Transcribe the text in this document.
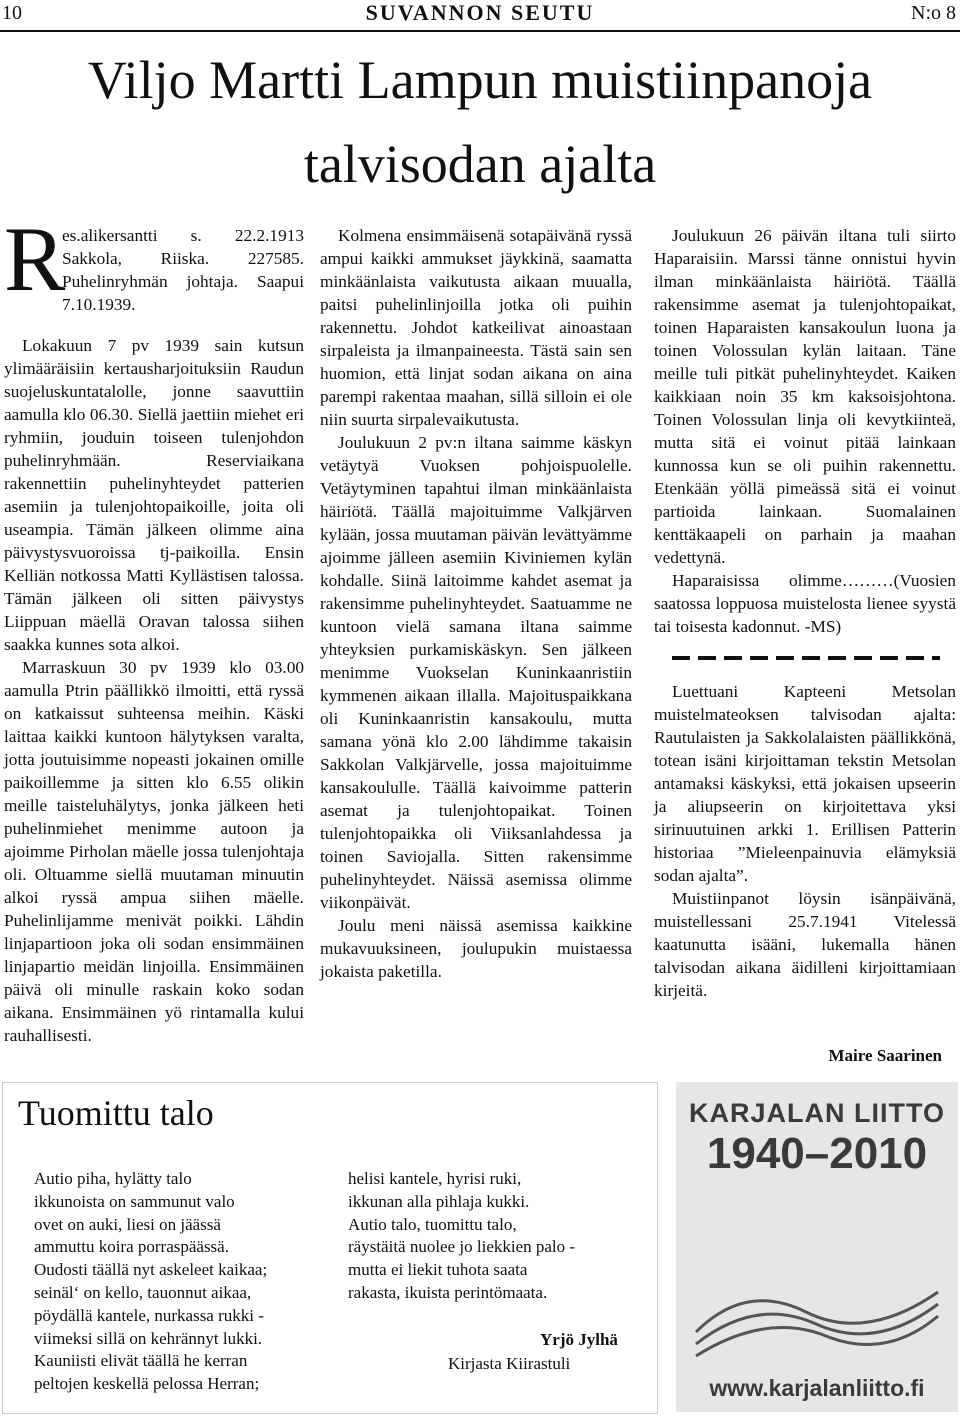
10	SUVANNON SEUTU	N:o 8
Viljo Martti Lampun muistiinpanoja
talvisodan ajalta
R

es.alikersantti s. 22.2.1913 Sakkola, Riiska. 227585. Puhelinryhmän johtaja. Saapui 7.10.1939.

Lokakuun 7 pv 1939 sain kutsun ylimääräisiin kertausharjoituksiin Raudun suojeluskuntatalolle, jonne saavuttiin aamulla klo 06.30. Siellä jaettiin miehet eri ryhmiin, jouduin toiseen tulenjohdon puhelinryhmään. Reserviaikana rakennettiin puhelinyhteydet patterien asemiin ja tulenjohtopaikoille, joita oli useampia. Tämän jälkeen olimme aina päivystysvuoroissa tj-paikoilla. Ensin Kelliän notkossa Matti Kyllästisen talossa. Tämän jälkeen oli sitten päivystys Liippuan mäellä Oravan talossa siihen saakka kunnes sota alkoi.

Marraskuun 30 pv 1939 klo 03.00 aamulla Ptrin päällikkö ilmoitti, että ryssä on katkaissut suhteensa meihin. Käski laittaa kaikki kuntoon hälytyksen varalta, jotta joutuisimme nopeasti jokainen omille paikoillemme ja sitten klo 6.55 olikin meille taisteluhälytys, jonka jälkeen heti puhelinmiehet menimme autoon ja ajoimme Pirholan mäelle jossa tulenjohtaja oli. Oltuamme siellä muutaman minuutin alkoi ryssä ampua siihen mäelle. Puhelinlijamme menivät poikki. Lähdin linjapartioon joka oli sodan ensimmäinen linjapartio meidän linjoilla. Ensimmäinen päivä oli minulle raskain koko sodan aikana. Ensimmäinen yö rintamalla kului rauhallisesti.

Kolmena ensimmäisenä sotapäivänä ryssä ampui kaikki ammukset jäykkinä, saamatta minkäänlaista vaikutusta aikaan muualla, paitsi puhelinlinjoilla jotka oli puihin rakennettu. Johdot katkeilivat ainoastaan sirpaleista ja ilmanpaineesta. Tästä sain sen huomion, että linjat sodan aikana on aina parempi rakentaa maahan, sillä silloin ei ole niin suurta sirpalevaikutusta.

Joulukuun 2 pv:n iltana saimme käskyn vetäytyä Vuoksen pohjoispuolelle. Vetäytyminen tapahtui ilman minkäänlaista häiriötä. Täällä majoituimme Valkjärven kylään, jossa muutaman päivän levättyämme ajoimme jälleen asemiin Kiviniemen kylän kohdalle. Siinä laitoimme kahdet asemat ja rakensimme puhelinyhteydet. Saatuamme ne kuntoon vielä samana iltana saimme yhteyksien purkamiskäskyn. Sen jälkeen menimme Vuokselan Kuninkaanristiin kymmenen aikaan illalla. Majoituspaikkana oli Kuninkaanristin kansakoulu, mutta samana yönä klo 2.00 lähdimme takaisin Sakkolan Valkjärvelle, jossa majoituimme kansakoululle. Täällä kaivoimme patterin asemat ja tulenjohtopaikat. Toinen tulenjohtopaikka oli Viiksanlahdessa ja toinen Saviojalla. Sitten rakensimme puhelinyhteydet. Näissä asemissa olimme viikonpäivät.

Joulu meni näissä asemissa kaikkine mukavuuksineen, joulupukin muistaessa jokaista paketilla.

Joulukuun 26 päivän iltana tuli siirto Haparaisiin. Marssi tänne onnistui hyvin ilman minkäänlaista häiriötä. Täällä rakensimme asemat ja tulenjohtopaikat, toinen Haparaisten kansakoulun luona ja toinen Volossulan kylän laitaan. Täne meille tuli pitkät puhelinyhteydet. Kaiken kaikkiaan noin 35 km kaksoisjohtona. Toinen Volossulan linja oli kevytkiinteä, mutta sitä ei voinut pitää lainkaan kunnossa kun se oli puihin rakennettu. Etenkään yöllä pimeässä sitä ei voinut partioida lainkaan. Suomalainen kenttäkaapeli on parhain ja maahan vedettynä.

Haparaisissa olimme………(Vuosien saatossa loppuosa muistelosta lienee syystä tai toisesta kadonnut. -MS)

Luettuani Kapteeni Metsolan muistelmateoksen talvisodan ajalta: Rautulaisten ja Sakkolalaisten päällikkönä, totean isäni kirjoittaman tekstin Metsolan antamaksi käskyksi, että jokaisen upseerin ja aliupseerin on kirjoitettava yksi sirinuutuinen arkki 1. Erillisen Patterin historiaa ”Mieleenpainuvia elämyksiä sodan ajalta”.

Muistiinpanot löysin isänpäivänä, muistellessani 25.7.1941 Vitelessä kaatunutta isääni, lukemalla hänen talvisodan aikana äidilleni kirjoittamiaan kirjeitä.

Maire Saarinen
Tuomittu talo
Autio piha, hylätty talo
ikkunoista on sammunut valo
ovet on auki, liesi on jäässä
ammuttu koira porraspäässä.
Oudosti täällä nyt askeleet kaikaa;
seinäl‘ on kello, tauonnut aikaa,
pöydällä kantele, nurkassa rukki -
viimeksi sillä on kehrännyt lukki.
Kauniisti elivät täällä he kerran
peltojen keskellä pelossa Herran;
helisi kantele, hyrisi ruki,
ikkunan alla pihlaja kukki.
Autio talo, tuomittu talo,
räystäitä nuolee jo liekkien palo -
mutta ei liekit tuhota saata
rakasta, ikuista perintömaata.
Yrjö Jylhä
Kirjasta Kiirastuli
KARJALAN LIITTO
1940–2010
www.karjalanliitto.fi
